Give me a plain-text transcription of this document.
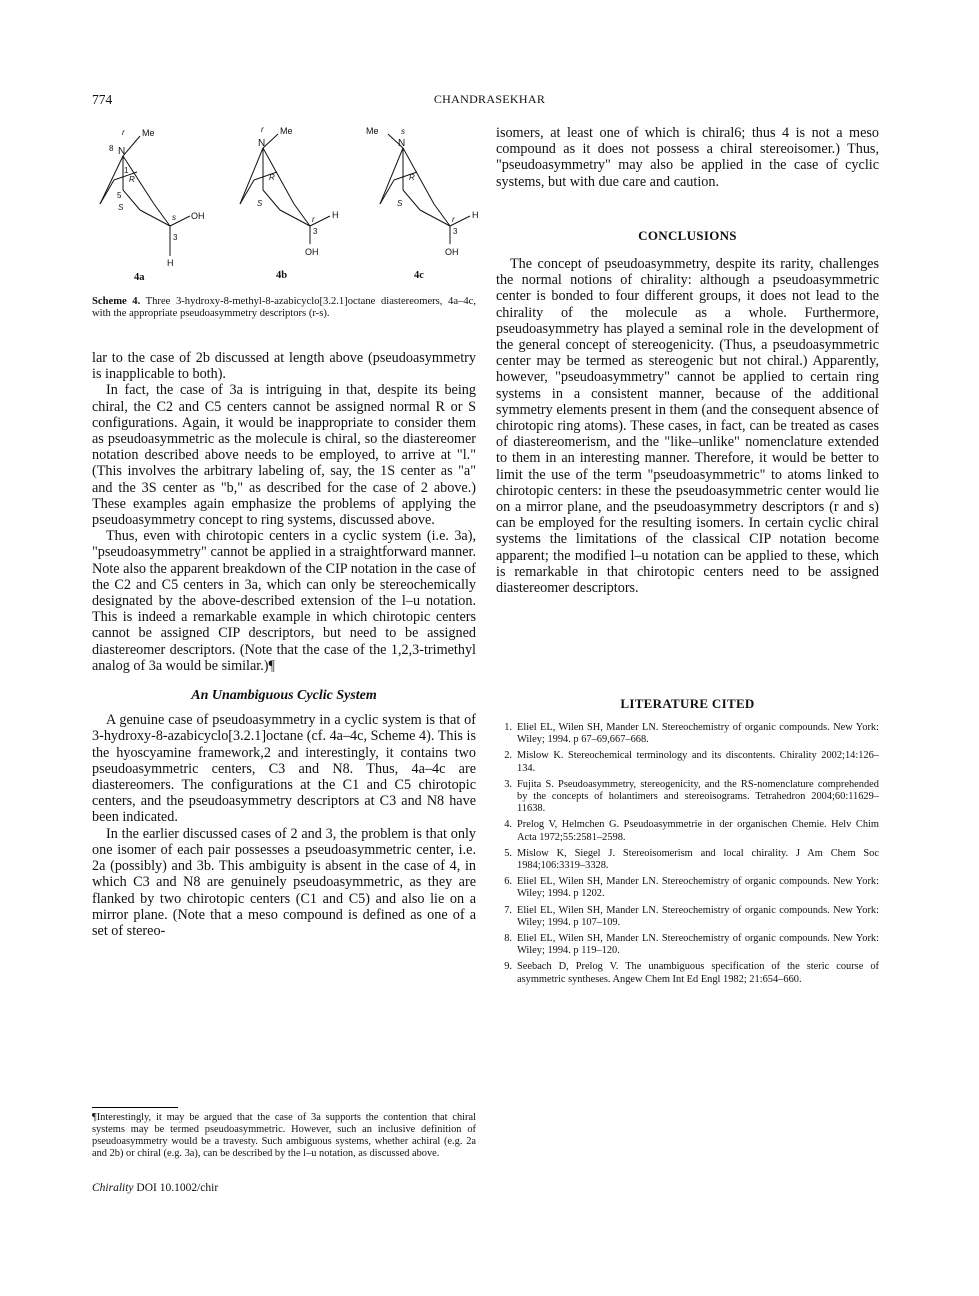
774	CHANDRASEKHAR
N
Me
OH
H
8
r
R
1
5
S
s
3
N
Me
H
OH
r
R
S
r
3
N
Me
H
OH
s
R
S
r
3
4a	4b	4c
Scheme 4. Three 3-hydroxy-8-methyl-8-azabicyclo[3.2.1]octane diastereomers, 4a–4c, with the appropriate pseudoasymmetry descriptors (r-s).

lar to the case of 2b discussed at length above (pseudoasymmetry is inapplicable to both).

In fact, the case of 3a is intriguing in that, despite its being chiral, the C2 and C5 centers cannot be assigned normal R or S configurations. Again, it would be inappropriate to consider them as pseudoasymmetric as the molecule is chiral, so the diastereomer notation described above needs to be employed, to arrive at "l." (This involves the arbitrary labeling of, say, the 1S center as "a" and the 3S center as "b," as described for the case of 2 above.) These examples again emphasize the problems of applying the pseudoasymmetry concept to ring systems, discussed above.

Thus, even with chirotopic centers in a cyclic system (i.e. 3a), "pseudoasymmetry" cannot be applied in a straightforward manner. Note also the apparent breakdown of the CIP notation in the case of the C2 and C5 centers in 3a, which can only be stereochemically designated by the above-described extension of the l–u notation. This is indeed a remarkable example in which chirotopic centers cannot be assigned CIP descriptors, but need to be assigned diastereomer descriptors. (Note that the case of the 1,2,3-trimethyl analog of 3a would be similar.)¶

An Unambiguous Cyclic System

A genuine case of pseudoasymmetry in a cyclic system is that of 3-hydroxy-8-azabicyclo[3.2.1]octane (cf. 4a–4c, Scheme 4). This is the hyoscyamine framework,2 and interestingly, it contains two pseudoasymmetric centers, C3 and N8. Thus, 4a–4c are diastereomers. The configurations at the C1 and C5 chirotopic centers, and the pseudoasymmetry descriptors at C3 and N8 have been indicated.

In the earlier discussed cases of 2 and 3, the problem is that only one isomer of each pair possesses a pseudoasymmetric center, i.e. 2a (possibly) and 3b. This ambiguity is absent in the case of 4, in which C3 and N8 are genuinely pseudoasymmetric, as they are flanked by two chirotopic centers (C1 and C5) and also lie on a mirror plane. (Note that a meso compound is defined as one of a set of stereo-

isomers, at least one of which is chiral6; thus 4 is not a meso compound as it does not possess a chiral stereoisomer.) Thus, "pseudoasymmetry" may also be applied in the case of cyclic systems, but with due care and caution.

CONCLUSIONS

The concept of pseudoasymmetry, despite its rarity, challenges the normal notions of chirality: although a pseudoasymmetric center is bonded to four different groups, it does not lead to the chirality of the molecule as a whole. Furthermore, pseudoasymmetry has played a seminal role in the development of the general concept of stereogenicity. (Thus, a pseudoasymmetric center may be termed as stereogenic but not chiral.) Apparently, however, "pseudoasymmetry" cannot be applied to certain ring systems in a consistent manner, because of the additional symmetry elements present in them (and the consequent absence of chirotopic ring atoms). These cases, in fact, can be treated as cases of diastereomerism, and the "like–unlike" nomenclature extended to them in an interesting manner. Therefore, it would be better to limit the use of the term "pseudoasymmetric" to atoms linked to chirotopic centers: in these the pseudoasymmetric center would lie on a mirror plane, and the pseudoasymmetry descriptors (r and s) can be employed for the resulting isomers. In certain cyclic chiral systems the limitations of the classical CIP notation become apparent; the modified l–u notation can be applied to these, which is remarkable in that chirotopic centers need to be assigned diastereomer descriptors.

LITERATURE CITED
1. Eliel EL, Wilen SH, Mander LN. Stereochemistry of organic compounds. New York: Wiley; 1994. p 67–69,667–668.
2. Mislow K. Stereochemical terminology and its discontents. Chirality 2002;14:126–134.
3. Fujita S. Pseudoasymmetry, stereogenicity, and the RS-nomenclature comprehended by the concepts of holantimers and stereoisograms. Tetrahedron 2004;60:11629–11638.
4. Prelog V, Helmchen G. Pseudoasymmetrie in der organischen Chemie. Helv Chim Acta 1972;55:2581–2598.
5. Mislow K, Siegel J. Stereoisomerism and local chirality. J Am Chem Soc 1984;106:3319–3328.
6. Eliel EL, Wilen SH, Mander LN. Stereochemistry of organic compounds. New York: Wiley; 1994. p 1202.
7. Eliel EL, Wilen SH, Mander LN. Stereochemistry of organic compounds. New York: Wiley; 1994. p 107–109.
8. Eliel EL, Wilen SH, Mander LN. Stereochemistry of organic compounds. New York: Wiley; 1994. p 119–120.
9. Seebach D, Prelog V. The unambiguous specification of the steric course of asymmetric syntheses. Angew Chem Int Ed Engl 1982; 21:654–660.
¶Interestingly, it may be argued that the case of 3a supports the contention that chiral systems may be termed pseudoasymmetric. However, such an inclusive definition of pseudoasymmetry would be a travesty. Such ambiguous systems, whether achiral (e.g. 2a and 2b) or chiral (e.g. 3a), can be described by the l–u notation, as discussed above.
Chirality DOI 10.1002/chir
